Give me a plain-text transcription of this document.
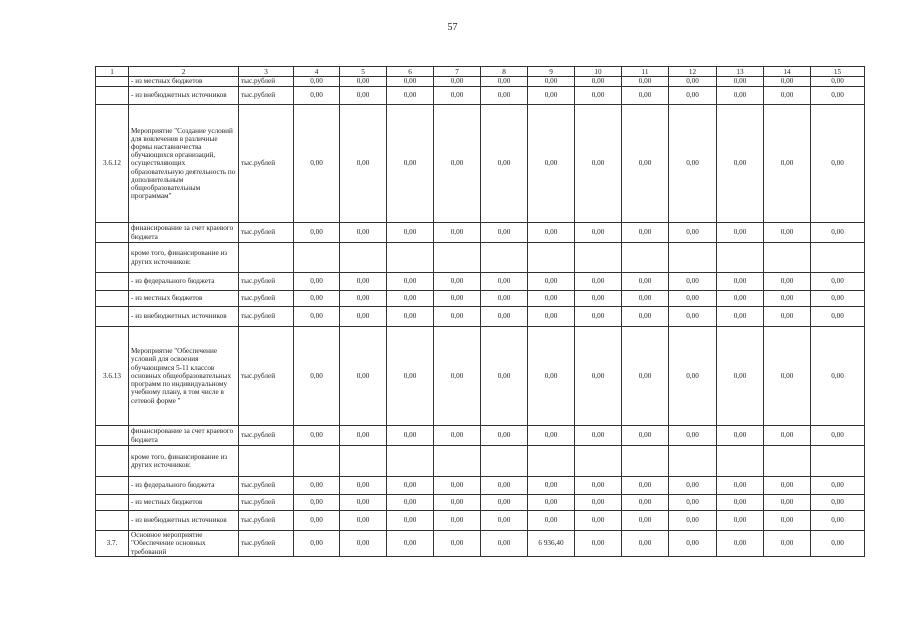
57
1	2	3	4	5	6	7	8	9	10	11	12	13	14	15
	- из местных бюджетов	тыс.рублей	0,00	0,00	0,00	0,00	0,00	0,00	0,00	0,00	0,00	0,00	0,00	0,00
	- из внебюджетных источников	тыс.рублей	0,00	0,00	0,00	0,00	0,00	0,00	0,00	0,00	0,00	0,00	0,00	0,00
3.6.12	Мероприятие "Создание условий для вовлечения в различные формы наставничества обучающихся организаций, осуществляющих образовательную деятельность по дополнительным общеобразовательным программам"	тыс.рублей	0,00	0,00	0,00	0,00	0,00	0,00	0,00	0,00	0,00	0,00	0,00	0,00
	финансирование за счет краевого бюджета	тыс.рублей	0,00	0,00	0,00	0,00	0,00	0,00	0,00	0,00	0,00	0,00	0,00	0,00
	кроме того, финансирование из других источников:													
	- из федерального бюджета	тыс.рублей	0,00	0,00	0,00	0,00	0,00	0,00	0,00	0,00	0,00	0,00	0,00	0,00
	- из местных бюджетов	тыс.рублей	0,00	0,00	0,00	0,00	0,00	0,00	0,00	0,00	0,00	0,00	0,00	0,00
	- из внебюджетных источников	тыс.рублей	0,00	0,00	0,00	0,00	0,00	0,00	0,00	0,00	0,00	0,00	0,00	0,00
3.6.13	Мероприятие "Обеспечение условий для освоения обучающимся 5-11 классов основных общеобразовательных программ по индивидуальному учебному плану, в том числе в сетевой форме "	тыс.рублей	0,00	0,00	0,00	0,00	0,00	0,00	0,00	0,00	0,00	0,00	0,00	0,00
	финансирование за счет краевого бюджета	тыс.рублей	0,00	0,00	0,00	0,00	0,00	0,00	0,00	0,00	0,00	0,00	0,00	0,00
	кроме того, финансирование из других источников:													
	- из федерального бюджета	тыс.рублей	0,00	0,00	0,00	0,00	0,00	0,00	0,00	0,00	0,00	0,00	0,00	0,00
	- из местных бюджетов	тыс.рублей	0,00	0,00	0,00	0,00	0,00	0,00	0,00	0,00	0,00	0,00	0,00	0,00
	- из внебюджетных источников	тыс.рублей	0,00	0,00	0,00	0,00	0,00	0,00	0,00	0,00	0,00	0,00	0,00	0,00
3.7.	Основное мероприятие "Обеспечение основных требований	тыс.рублей	0,00	0,00	0,00	0,00	0,00	6 936,40	0,00	0,00	0,00	0,00	0,00	0,00
